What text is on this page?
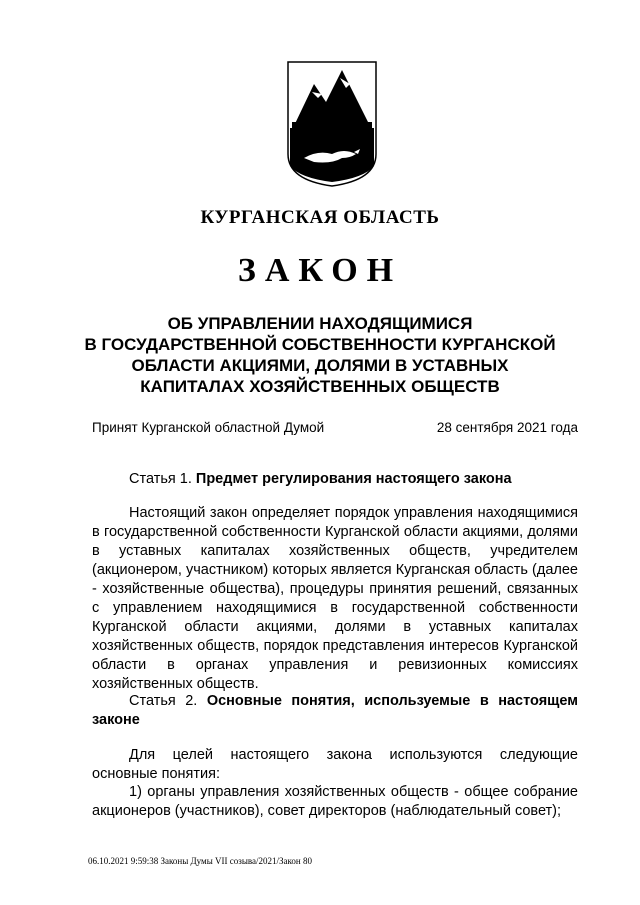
КУРГАНСКАЯ ОБЛАСТЬ
ЗАКОН
ОБ УПРАВЛЕНИИ НАХОДЯЩИМИСЯ
В ГОСУДАРСТВЕННОЙ СОБСТВЕННОСТИ КУРГАНСКОЙ
ОБЛАСТИ АКЦИЯМИ, ДОЛЯМИ В УСТАВНЫХ
КАПИТАЛАХ ХОЗЯЙСТВЕННЫХ ОБЩЕСТВ
Принят Курганской областной Думой	28 сентября 2021 года
Статья 1. Предмет регулирования настоящего закона
Настоящий закон определяет порядок управления находящимися в государственной собственности Курганской области акциями, долями в уставных капиталах хозяйственных обществ, учредителем (акционером, участником) которых является Курганская область (далее - хозяйственные общества), процедуры принятия решений, связанных с управлением находящимися в государственной собственности Курганской области акциями, долями в уставных капиталах хозяйственных обществ, порядок представления интересов Курганской области в органах управления и ревизионных комиссиях хозяйственных обществ.
Статья 2. Основные понятия, используемые в настоящем законе
Для целей настоящего закона используются следующие основные понятия:
1) органы управления хозяйственных обществ - общее собрание акционеров (участников), совет директоров (наблюдательный совет);
06.10.2021 9:59:38 Законы Думы VII созыва/2021/Закон 80
